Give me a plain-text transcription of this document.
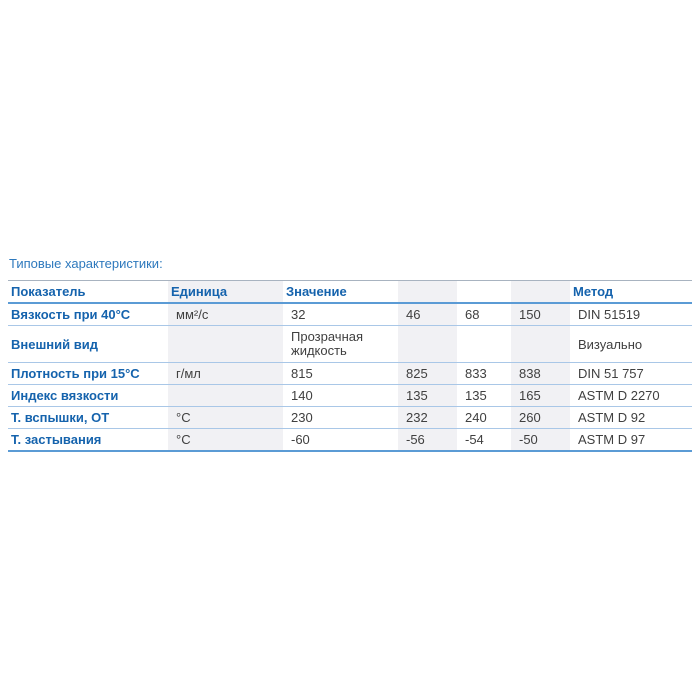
Типовые характеристики:
Показатель	Единица	Значение				Метод
Вязкость при 40°C	мм²/с	32	46	68	150	DIN 51519
Внешний вид		Прозрачная жидкость				Визуально
Плотность при 15°C	г/мл	815	825	833	838	DIN 51 757
Индекс вязкости		140	135	135	165	ASTM D 2270
Т. вспышки, ОТ	°C	230	232	240	260	ASTM D 92
Т. застывания	°C	-60	-56	-54	-50	ASTM D 97
